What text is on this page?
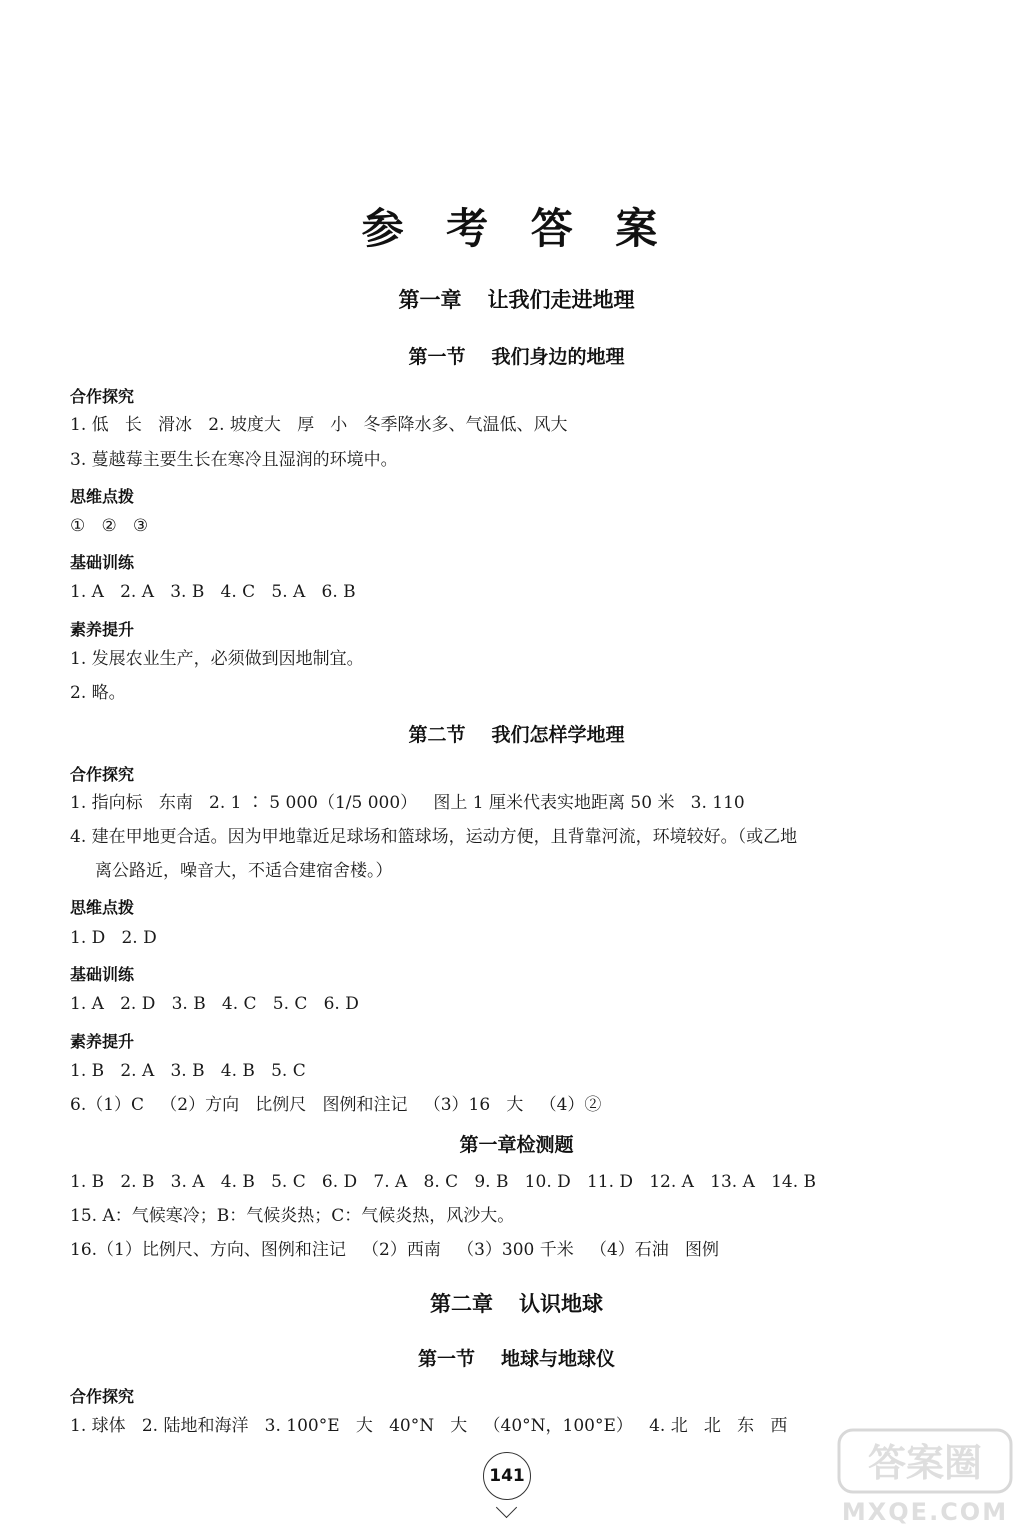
参 考 答 案
第一章 让我们走进地理
第一节 我们身边的地理
合作探究
1. 低   长   滑冰   2. 坡度大   厚   小   冬季降水多、气温低、风大
3. 蔓越莓主要生长在寒冷且湿润的环境中。
思维点拨
①   ②   ③
基础训练
1. A   2. A   3. B   4. C   5. A   6. B
素养提升
1. 发展农业生产，必须做到因地制宜。
2. 略。
第二节 我们怎样学地理
合作探究
1. 指向标   东南   2. 1 ∶ 5 000（1/5 000）   图上 1 厘米代表实地距离 50 米   3. 110
4. 建在甲地更合适。因为甲地靠近足球场和篮球场，运动方便，且背靠河流，环境较好。（或乙地
离公路近，噪音大，不适合建宿舍楼。）
思维点拨
1. D   2. D
基础训练
1. A   2. D   3. B   4. C   5. C   6. D
素养提升
1. B   2. A   3. B   4. B   5. C
6.（1）C   （2）方向   比例尺   图例和注记   （3）16   大   （4）②
第一章检测题
1. B   2. B   3. A   4. B   5. C   6. D   7. A   8. C   9. B   10. D   11. D   12. A   13. A   14. B
15. A：气候寒冷；B：气候炎热；C：气候炎热，风沙大。
16.（1）比例尺、方向、图例和注记   （2）西南   （3）300 千米   （4）石油   图例
第二章 认识地球
第一节 地球与地球仪
合作探究
1. 球体   2. 陆地和海洋   3. 100°E   大   40°N   大   （40°N，100°E）   4. 北   北   东   西
141	答案圈
MXQE.COM
